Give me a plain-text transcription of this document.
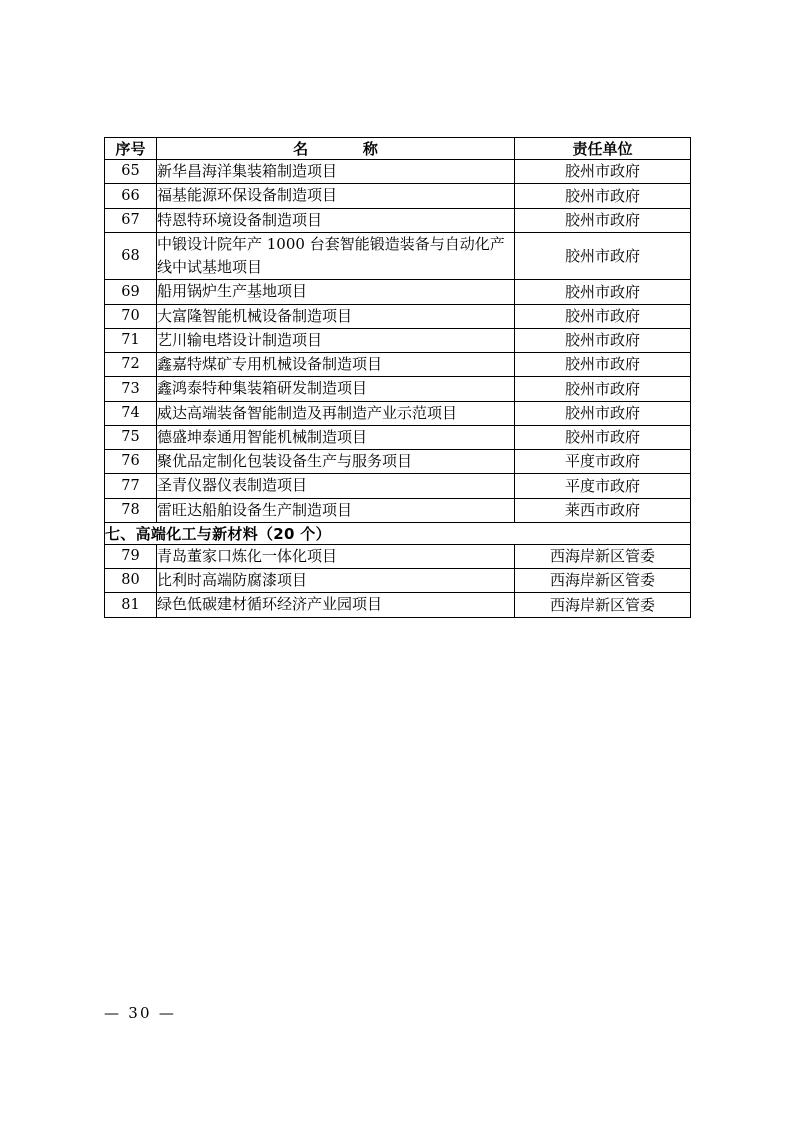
序号	名　　称	责任单位
65	新华昌海洋集装箱制造项目	胶州市政府
66	福基能源环保设备制造项目	胶州市政府
67	特恩特环境设备制造项目	胶州市政府
68	中锻设计院年产 1000 台套智能锻造装备与自动化产线中试基地项目	胶州市政府
69	船用锅炉生产基地项目	胶州市政府
70	大富隆智能机械设备制造项目	胶州市政府
71	艺川输电塔设计制造项目	胶州市政府
72	鑫嘉特煤矿专用机械设备制造项目	胶州市政府
73	鑫鸿泰特种集装箱研发制造项目	胶州市政府
74	威达高端装备智能制造及再制造产业示范项目	胶州市政府
75	德盛坤泰通用智能机械制造项目	胶州市政府
76	聚优品定制化包装设备生产与服务项目	平度市政府
77	圣青仪器仪表制造项目	平度市政府
78	雷旺达船舶设备生产制造项目	莱西市政府
七、高端化工与新材料（20 个）		
79	青岛董家口炼化一体化项目	西海岸新区管委
80	比利时高端防腐漆项目	西海岸新区管委
81	绿色低碳建材循环经济产业园项目	西海岸新区管委
— 30 —
